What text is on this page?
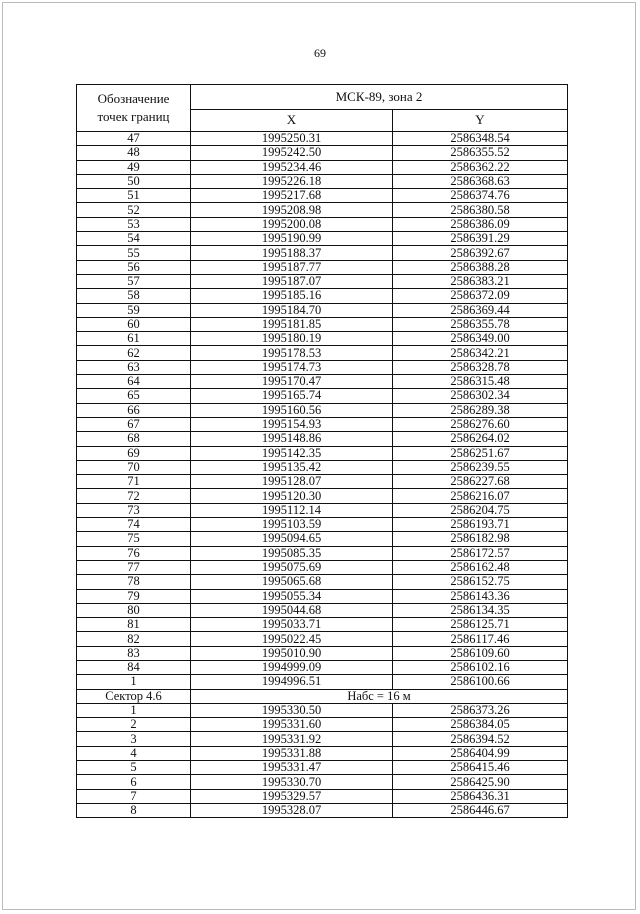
69
Обозначение
точек границ	МСК-89, зона 2	
	X	Y
47	1995250.31	2586348.54
48	1995242.50	2586355.52
49	1995234.46	2586362.22
50	1995226.18	2586368.63
51	1995217.68	2586374.76
52	1995208.98	2586380.58
53	1995200.08	2586386.09
54	1995190.99	2586391.29
55	1995188.37	2586392.67
56	1995187.77	2586388.28
57	1995187.07	2586383.21
58	1995185.16	2586372.09
59	1995184.70	2586369.44
60	1995181.85	2586355.78
61	1995180.19	2586349.00
62	1995178.53	2586342.21
63	1995174.73	2586328.78
64	1995170.47	2586315.48
65	1995165.74	2586302.34
66	1995160.56	2586289.38
67	1995154.93	2586276.60
68	1995148.86	2586264.02
69	1995142.35	2586251.67
70	1995135.42	2586239.55
71	1995128.07	2586227.68
72	1995120.30	2586216.07
73	1995112.14	2586204.75
74	1995103.59	2586193.71
75	1995094.65	2586182.98
76	1995085.35	2586172.57
77	1995075.69	2586162.48
78	1995065.68	2586152.75
79	1995055.34	2586143.36
80	1995044.68	2586134.35
81	1995033.71	2586125.71
82	1995022.45	2586117.46
83	1995010.90	2586109.60
84	1994999.09	2586102.16
1	1994996.51	2586100.66
Сектор 4.6	Набс = 16 м	
1	1995330.50	2586373.26
2	1995331.60	2586384.05
3	1995331.92	2586394.52
4	1995331.88	2586404.99
5	1995331.47	2586415.46
6	1995330.70	2586425.90
7	1995329.57	2586436.31
8	1995328.07	2586446.67
